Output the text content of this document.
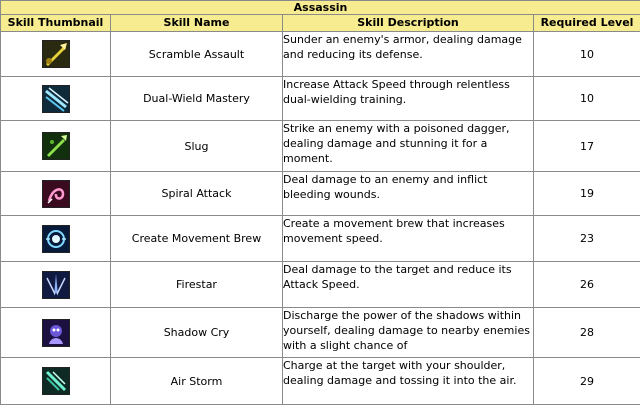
Assassin			
Skill Thumbnail	Skill Name	Skill Description	Required Level

	Scramble Assault	Sunder an enemy's armor, dealing damage and reducing its defense.	10

	Dual-Wield Mastery	Increase Attack Speed through relentless dual-wielding training.	10

	Slug	Strike an enemy with a poisoned dagger, dealing damage and stunning it for a moment.	17

	Spiral Attack	Deal damage to an enemy and inflict bleeding wounds.	19

	Create Movement Brew	Create a movement brew that increases movement speed.	23

	Firestar	Deal damage to the target and reduce its Attack Speed.	26

	Shadow Cry	Discharge the power of the shadows within yourself, dealing damage to nearby enemies with a slight chance of	28

	Air Storm	Charge at the target with your shoulder, dealing damage and tossing it into the air.	29
